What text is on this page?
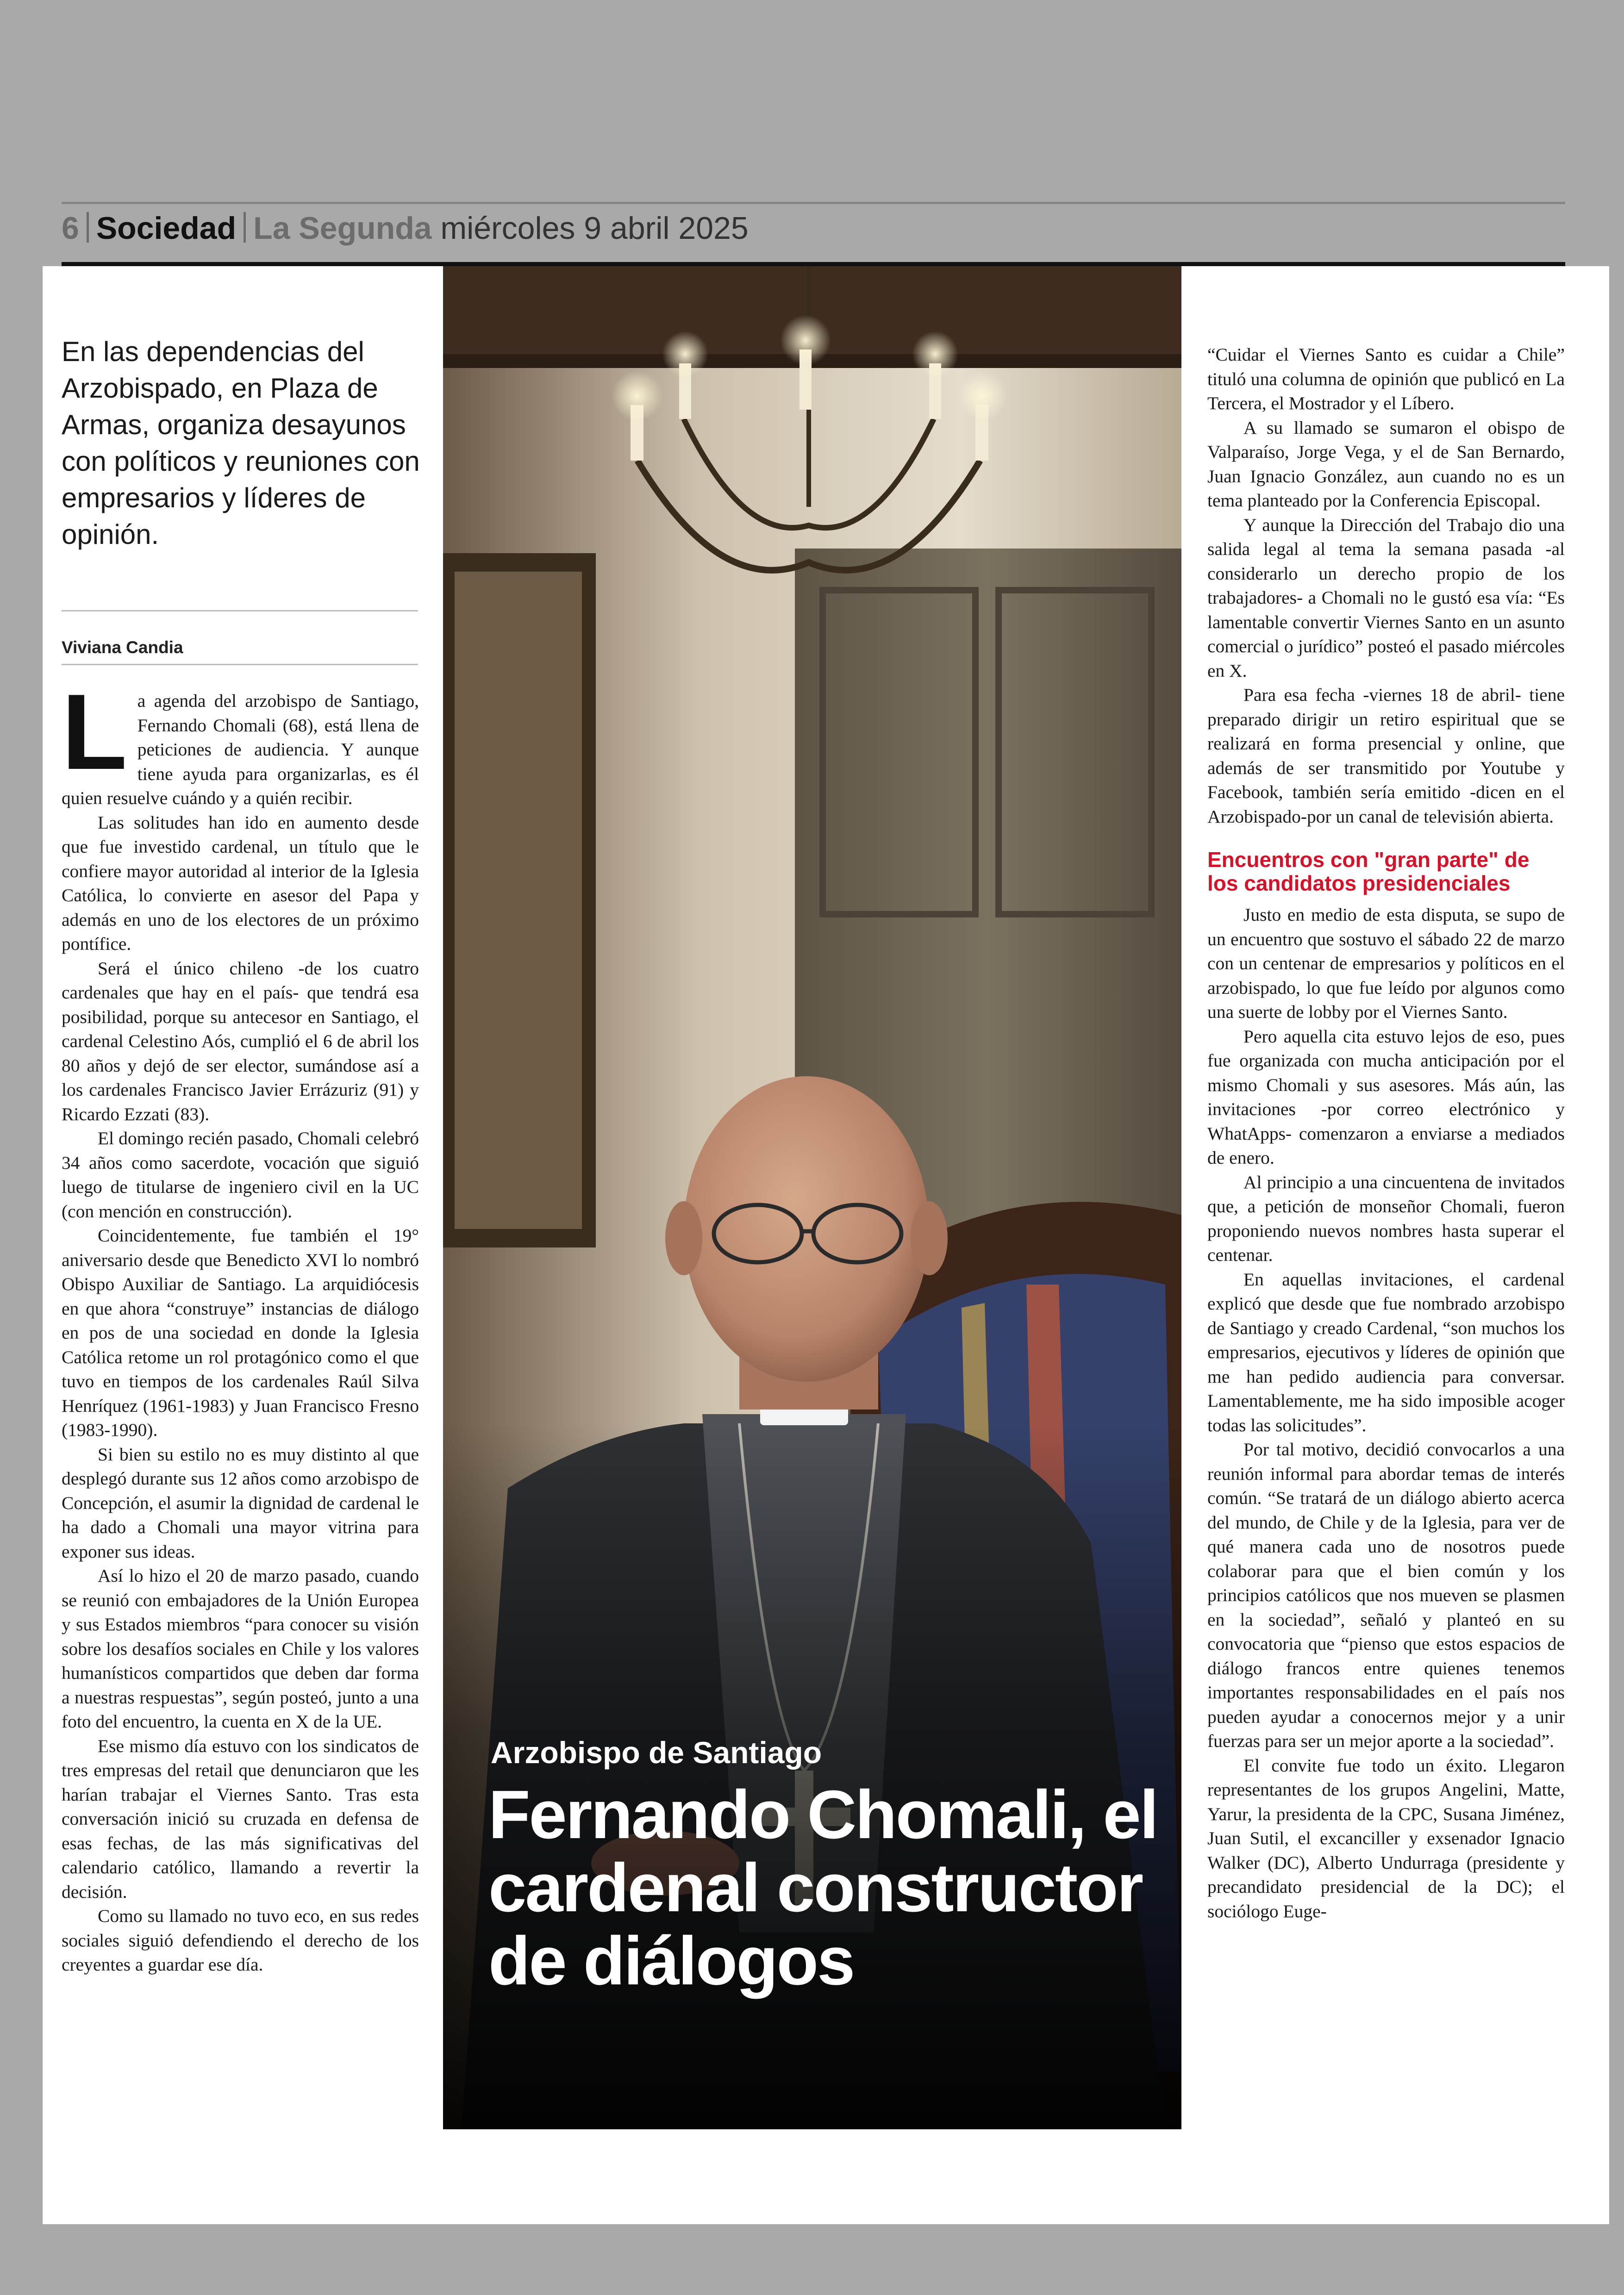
6 Sociedad La Segunda miércoles 9 abril 2025
En las dependencias del Arzobispado, en Plaza de Armas, organiza desayunos con políticos y reuniones con empresarios y líderes de opinión.
Viviana Candia

La agenda del arzobispo de Santiago, Fernando Chomali (68), está llena de peticiones de audiencia. Y aunque tiene ayuda para organizarlas, es él quien resuelve cuándo y a quién recibir.

Las solitudes han ido en aumento desde que fue investido cardenal, un título que le confiere mayor autoridad al interior de la Iglesia Católica, lo convierte en asesor del Papa y además en uno de los electores de un próximo pontífice.

Será el único chileno -de los cuatro cardenales que hay en el país- que tendrá esa posibilidad, porque su antecesor en Santiago, el cardenal Celestino Aós, cumplió el 6 de abril los 80 años y dejó de ser elector, sumándose así a los cardenales Francisco Javier Errázuriz (91) y Ricardo Ezzati (83).

El domingo recién pasado, Chomali celebró 34 años como sacerdote, vocación que siguió luego de titularse de ingeniero civil en la UC (con mención en construcción).

Coincidentemente, fue también el 19° aniversario desde que Benedicto XVI lo nombró Obispo Auxiliar de Santiago. La arquidiócesis en que ahora “construye” instancias de diálogo en pos de una sociedad en donde la Iglesia Católica retome un rol protagónico como el que tuvo en tiempos de los cardenales Raúl Silva Henríquez (1961-1983) y Juan Francisco Fresno (1983-1990).

Si bien su estilo no es muy distinto al que desplegó durante sus 12 años como arzobispo de Concepción, el asumir la dignidad de cardenal le ha dado a Chomali una mayor vitrina para exponer sus ideas.

Así lo hizo el 20 de marzo pasado, cuando se reunió con embajadores de la Unión Europea y sus Estados miembros “para conocer su visión sobre los desafíos sociales en Chile y los valores humanísticos compartidos que deben dar forma a nuestras respuestas”, según posteó, junto a una foto del encuentro, la cuenta en X de la UE.

Ese mismo día estuvo con los sindicatos de tres empresas del retail que denunciaron que les harían trabajar el Viernes Santo. Tras esta conversación inició su cruzada en defensa de esas fechas, de las más significativas del calendario católico, llamando a revertir la decisión.

Como su llamado no tuvo eco, en sus redes sociales siguió defendiendo el derecho de los creyentes a guardar ese día.

Arzobispo de Santiago
Fernando Chomali, el cardenal constructor de diálogos

“Cuidar el Viernes Santo es cuidar a Chile” tituló una columna de opinión que publicó en La Tercera, el Mostrador y el Líbero.

A su llamado se sumaron el obispo de Valparaíso, Jorge Vega, y el de San Bernardo, Juan Ignacio González, aun cuando no es un tema planteado por la Conferencia Episcopal.

Y aunque la Dirección del Trabajo dio una salida legal al tema la semana pasada -al considerarlo un derecho propio de los trabajadores- a Chomali no le gustó esa vía: “Es lamentable convertir Viernes Santo en un asunto comercial o jurídico” posteó el pasado miércoles en X.

Para esa fecha -viernes 18 de abril- tiene preparado dirigir un retiro espiritual que se realizará en forma presencial y online, que además de ser transmitido por Youtube y Facebook, también sería emitido -dicen en el Arzobispado-por un canal de televisión abierta.

Encuentros con "gran parte" de los candidatos presidenciales

Justo en medio de esta disputa, se supo de un encuentro que sostuvo el sábado 22 de marzo con un centenar de empresarios y políticos en el arzobispado, lo que fue leído por algunos como una suerte de lobby por el Viernes Santo.

Pero aquella cita estuvo lejos de eso, pues fue organizada con mucha anticipación por el mismo Chomali y sus asesores. Más aún, las invitaciones -por correo electrónico y WhatApps- comenzaron a enviarse a mediados de enero.

Al principio a una cincuentena de invitados que, a petición de monseñor Chomali, fueron proponiendo nuevos nombres hasta superar el centenar.

En aquellas invitaciones, el cardenal explicó que desde que fue nombrado arzobispo de Santiago y creado Cardenal, “son muchos los empresarios, ejecutivos y líderes de opinión que me han pedido audiencia para conversar. Lamentablemente, me ha sido imposible acoger todas las solicitudes”.

Por tal motivo, decidió convocarlos a una reunión informal para abordar temas de interés común. “Se tratará de un diálogo abierto acerca del mundo, de Chile y de la Iglesia, para ver de qué manera cada uno de nosotros puede colaborar para que el bien común y los principios católicos que nos mueven se plasmen en la sociedad”, señaló y planteó en su convocatoria que “pienso que estos espacios de diálogo francos entre quienes tenemos importantes responsabilidades en el país nos pueden ayudar a conocernos mejor y a unir fuerzas para ser un mejor aporte a la sociedad”.

El convite fue todo un éxito. Llegaron representantes de los grupos Angelini, Matte, Yarur, la presidenta de la CPC, Susana Jiménez, Juan Sutil, el excanciller y exsenador Ignacio Walker (DC), Alberto Undurraga (presidente y precandidato presidencial de la DC); el sociólogo Euge-
